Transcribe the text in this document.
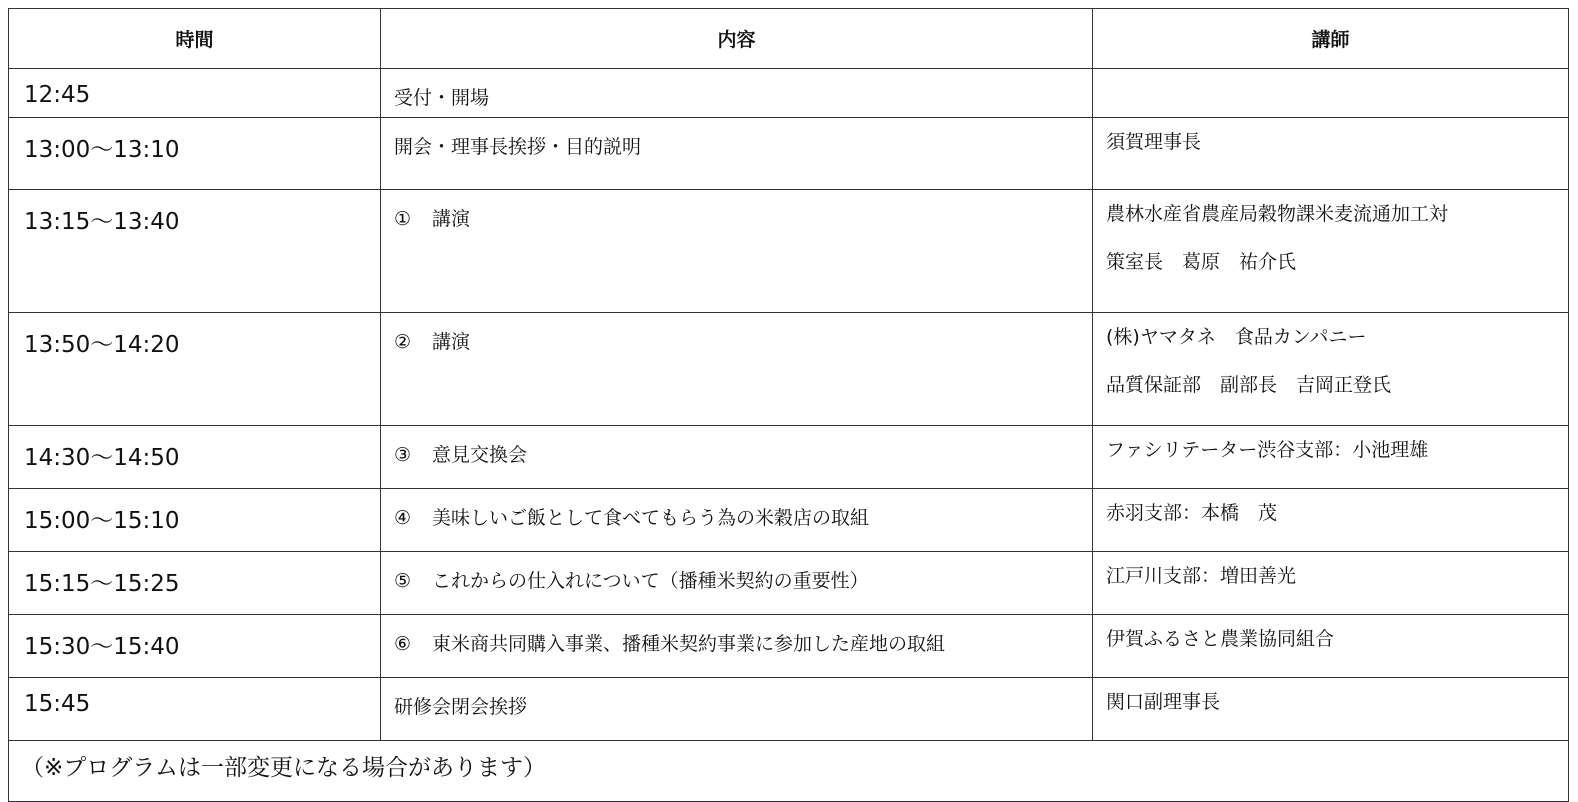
時間	内容	講師
12:45	受付・開場	

13:00～13:10	開会・理事長挨拶・目的説明	須賀理事長

13:15～13:40	① 講演	農林水産省農産局穀物課米麦流通加工対
策室長　葛原　祐介氏

13:50～14:20	② 講演	(株)ヤマタネ　食品カンパニー
品質保証部　副部長　吉岡正登氏

14:30～14:50	③ 意見交換会	ファシリテーター渋谷支部：小池理雄

15:00～15:10	④ 美味しいご飯として食べてもらう為の米穀店の取組	赤羽支部：本橋　茂

15:15～15:25	⑤ これからの仕入れについて（播種米契約の重要性）	江戸川支部：増田善光

15:30～15:40	⑥ 東米商共同購入事業、播種米契約事業に参加した産地の取組	伊賀ふるさと農業協同組合

15:45	研修会閉会挨拶	関口副理事長

（※プログラムは一部変更になる場合があります）		
